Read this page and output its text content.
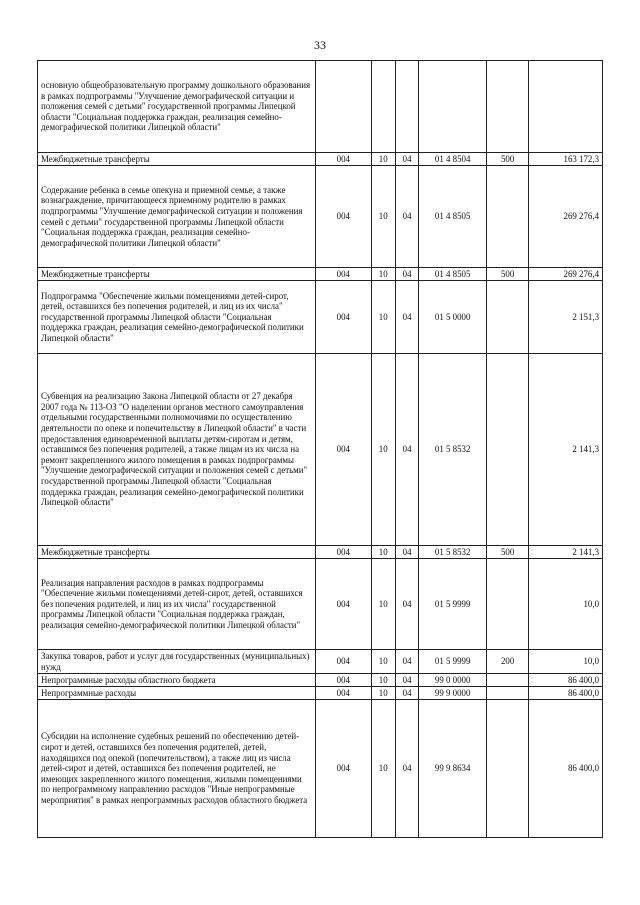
33
основную общеобразовательную программу дошкольного образования в рамках подпрограммы "Улучшение демографической ситуации и положения семей с детьми" государственной программы Липецкой области "Социальная поддержка граждан, реализация семейно-демографической политики Липецкой области"						
Межбюджетные трансферты	004	10	04	01 4 8504	500	163 172,3
Содержание ребенка в семье опекуна и приемной семье, а также вознаграждение, причитающееся приемному родителю в рамках подпрограммы "Улучшение демографической ситуации и положения семей с детьми" государственной программы Липецкой области "Социальная поддержка граждан, реализация семейно-демографической политики Липецкой области"	004	10	04	01 4 8505		269 276,4
Межбюджетные трансферты	004	10	04	01 4 8505	500	269 276,4
Подпрограмма "Обеспечение жильми помещениями детей-сирот, детей, оставшихся без попечения родителей, и лиц из их числа" государственной программы Липецкой области "Социальная поддержка граждан, реализация семейно-демографической политики Липецкой области"	004	10	04	01 5 0000		2 151,3
Субвенция на реализацию Закона Липецкой области от 27 декабря 2007 года № 113-ОЗ "О наделении органов местного самоуправления отдельными государственными полномочиями по осуществлению деятельности по опеке и попечительству в Липецкой области" в части предоставления единовременной выплаты детям-сиротам и детям, оставшимся без попечения родителей, а также лицам из их числа на ремонт закрепленного жилого помещения в рамках подпрограммы "Улучшение демографической ситуации и положения семей с детьми" государственной программы Липецкой области "Социальная поддержка граждан, реализация семейно-демографической политики Липецкой области"	004	10	04	01 5 8532		2 141,3
Межбюджетные трансферты	004	10	04	01 5 8532	500	2 141,3
Реализация направления расходов в рамках подпрограммы "Обеспечение жильми помещениями детей-сирот, детей, оставшихся без попечения родителей, и лиц из их числа" государственной программы Липецкой области "Социальная поддержка граждан, реализация семейно-демографической политики Липецкой области"	004	10	04	01 5 9999		10,0
Закупка товаров, работ и услуг для государственных (муниципальных) нужд	004	10	04	01 5 9999	200	10,0
Непрограммные расходы областного бюджета	004	10	04	99 0 0000		86 400,0
Непрограммные расходы	004	10	04	99 9 0000		86 400,0
Субсидии на исполнение судебных решений по обеспечению детей-сирот и детей, оставшихся без попечения родителей, детей, находящихся под опекой (попечительством), а также лиц из числа детей-сирот и детей, оставшихся без попечения родителей, не имеющих закрепленного жилого помещения, жилыми помещениями по непрограммному направлению расходов "Иные непрограммные мероприятия" в рамках непрограммных расходов областного бюджета	004	10	04	99 9 8634		86 400,0
